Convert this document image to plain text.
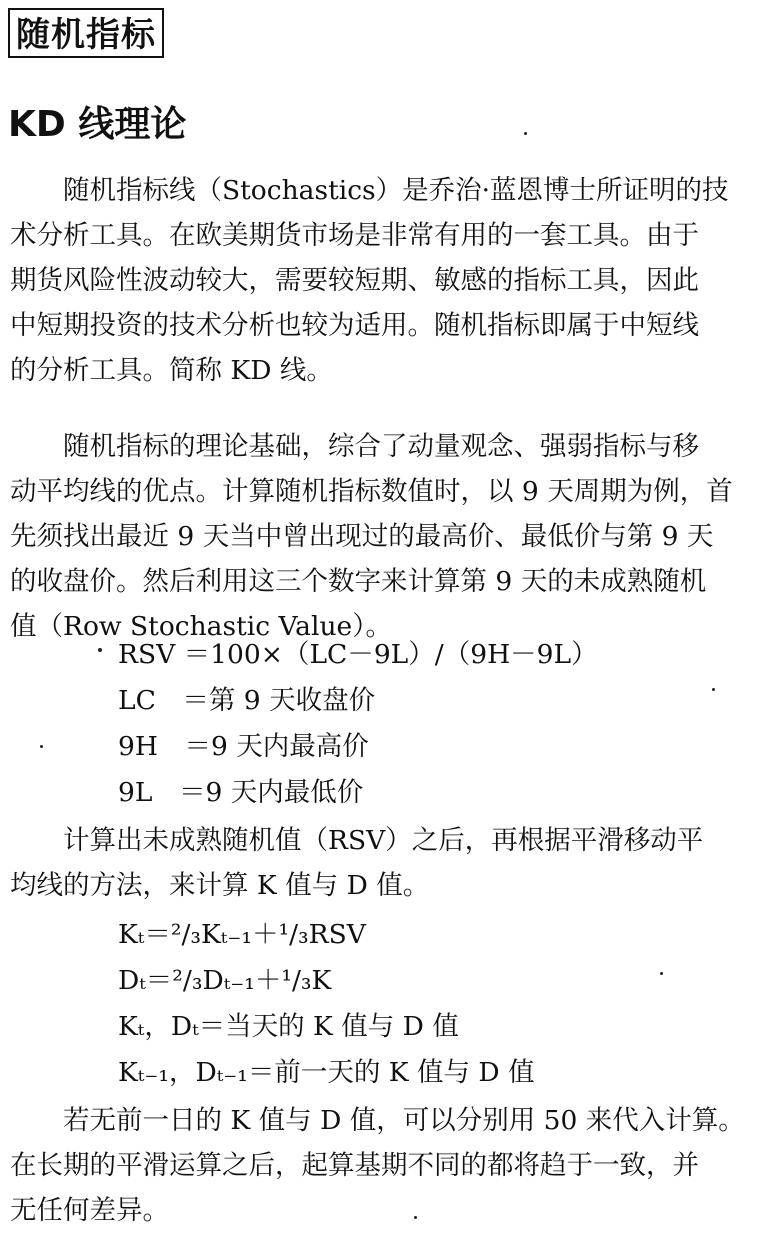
随机指标
KD 线理论
　　随机指标线（Stochastics）是乔治·蓝恩博士所证明的技
术分析工具。在欧美期货市场是非常有用的一套工具。由于
期货风险性波动较大，需要较短期、敏感的指标工具，因此
中短期投资的技术分析也较为适用。随机指标即属于中短线
的分析工具。简称 KD 线。
　　随机指标的理论基础，综合了动量观念、强弱指标与移
动平均线的优点。计算随机指标数值时，以 9 天周期为例，首
先须找出最近 9 天当中曾出现过的最高价、最低价与第 9 天
的收盘价。然后利用这三个数字来计算第 9 天的未成熟随机
值（Row Stochastic Value）。
RSV ＝100×（LC－9L）/（9H－9L）
LC　＝第 9 天收盘价
9H　＝9 天内最高价
9L　＝9 天内最低价
　　计算出未成熟随机值（RSV）之后，再根据平滑移动平
均线的方法，来计算 K 值与 D 值。
Kₜ＝²/₃Kₜ₋₁＋¹/₃RSV
Dₜ＝²/₃Dₜ₋₁＋¹/₃K
Kₜ，Dₜ＝当天的 K 值与 D 值
Kₜ₋₁，Dₜ₋₁＝前一天的 K 值与 D 值
　　若无前一日的 K 值与 D 值，可以分别用 50 来代入计算。
在长期的平滑运算之后，起算基期不同的都将趋于一致，并
无任何差异。
